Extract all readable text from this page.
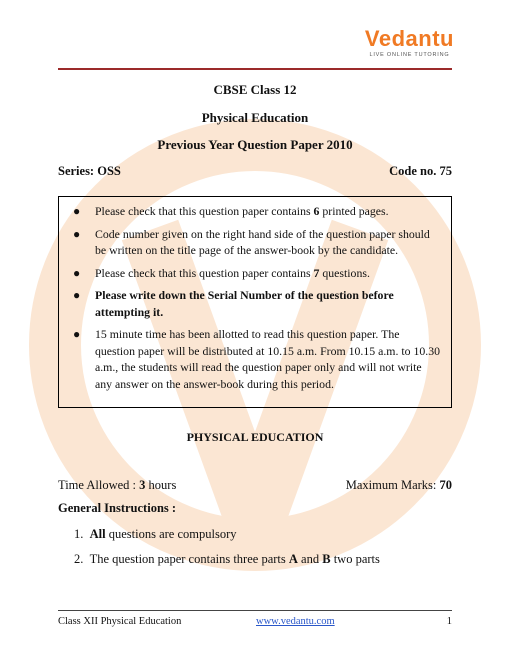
Vedantu
LIVE ONLINE TUTORING
CBSE Class 12
Physical Education
Previous Year Question Paper 2010
Series: OSS	Code no. 75
● Please check that this question paper contains 6 printed pages.
● Code number given on the right hand side of the question paper should be written on the title page of the answer-book by the candidate.
● Please check that this question paper contains 7 questions.
● Please write down the Serial Number of the question before attempting it.
● 15 minute time has been allotted to read this question paper. The question paper will be distributed at 10.15 a.m. From 10.15 a.m. to 10.30 a.m., the students will read the question paper only and will not write any answer on the answer-book during this period.
PHYSICAL EDUCATION
Time Allowed : 3 hours	Maximum Marks: 70
General Instructions :
1. All questions are compulsory
2. The question paper contains three parts A and B two parts
Class XII Physical Education	www.vedantu.com	1
